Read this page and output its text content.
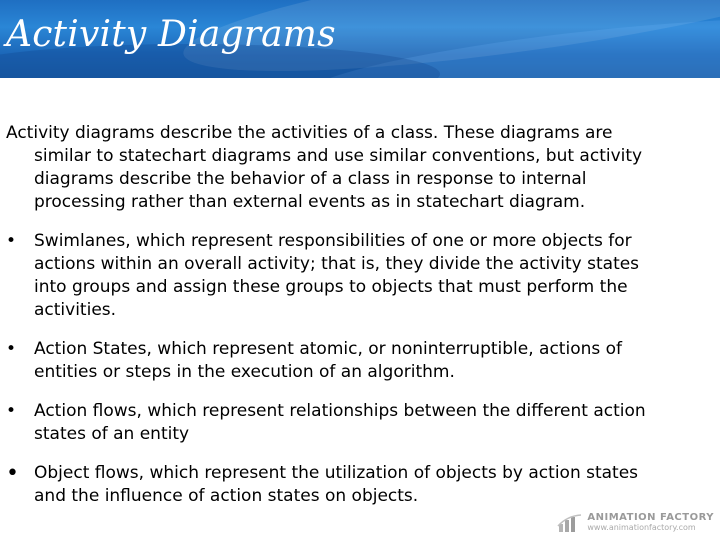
Activity Diagrams

Activity diagrams describe the activities of a class. These diagrams are similar to statechart diagrams and use similar conventions, but activity diagrams describe the behavior of a class in response to internal processing rather than external events as in statechart diagram.

• Swimlanes, which represent responsibilities of one or more objects for actions within an overall activity; that is, they divide the activity states into groups and assign these groups to objects that must perform the activities.
• Action States, which represent atomic, or noninterruptible, actions of entities or steps in the execution of an algorithm.
• Action flows, which represent relationships between the different action states of an entity
• Object flows, which represent the utilization of objects by action states and the influence of action states on objects.
ANIMATION FACTORY
www.animationfactory.com
